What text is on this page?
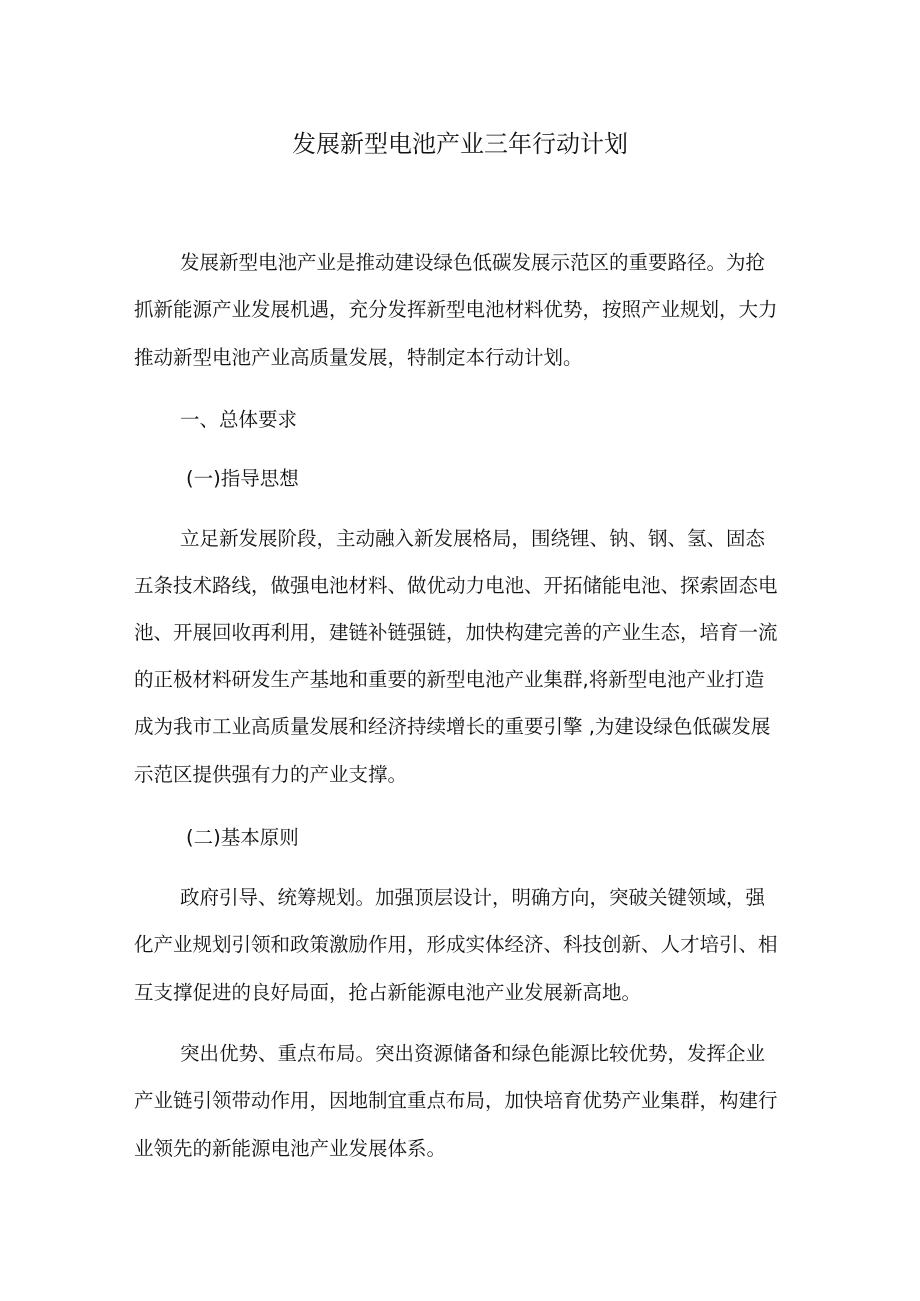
发展新型电池产业三年行动计划
发展新型电池产业是推动建设绿色低碳发展示范区的重要路径。为抢
抓新能源产业发展机遇，充分发挥新型电池材料优势，按照产业规划，大力
推动新型电池产业高质量发展，特制定本行动计划。
一、总体要求
(一)指导思想
立足新发展阶段，主动融入新发展格局，围绕锂、钠、钢、氢、固态
五条技术路线，做强电池材料、做优动力电池、开拓储能电池、探索固态电
池、开展回收再利用，建链补链强链，加快构建完善的产业生态，培育一流
的正极材料研发生产基地和重要的新型电池产业集群,将新型电池产业打造
成为我市工业高质量发展和经济持续增长的重要引擎 ,为建设绿色低碳发展
示范区提供强有力的产业支撑。
(二)基本原则
政府引导、统筹规划。加强顶层设计，明确方向，突破关键领域，强
化产业规划引领和政策激励作用，形成实体经济、科技创新、人才培引、相
互支撑促进的良好局面，抢占新能源电池产业发展新高地。
突出优势、重点布局。突出资源储备和绿色能源比较优势，发挥企业
产业链引领带动作用，因地制宜重点布局，加快培育优势产业集群，构建行
业领先的新能源电池产业发展体系。
